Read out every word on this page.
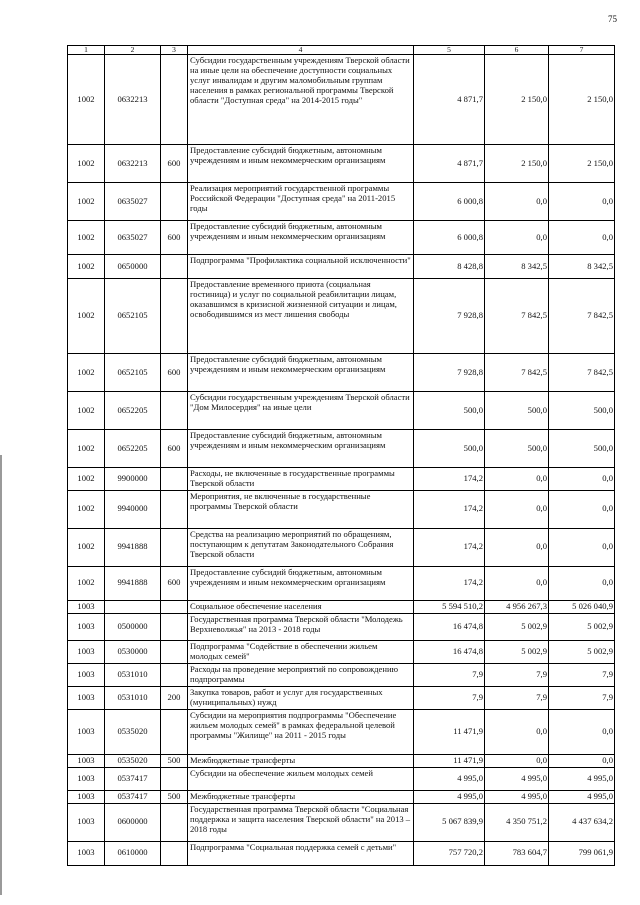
75
1	2	3	4	5	6	7
1002	0632213		Субсидии государственным учреждениям Тверской области на иные цели на обеспечение доступности социальных услуг инвалидам и другим маломобильным группам населения в рамках региональной программы Тверской области "Доступная среда" на 2014-2015 годы"	4 871,7	2 150,0	2 150,0
1002	0632213	600	Предоставление субсидий бюджетным, автономным учреждениям и иным некоммерческим организациям	4 871,7	2 150,0	2 150,0
1002	0635027		Реализация мероприятий государственной программы Российской Федерации "Доступная среда" на 2011-2015 годы	6 000,8	0,0	0,0
1002	0635027	600	Предоставление субсидий бюджетным, автономным учреждениям и иным некоммерческим организациям	6 000,8	0,0	0,0
1002	0650000		Подпрограмма "Профилактика социальной исключенности"	8 428,8	8 342,5	8 342,5
1002	0652105		Предоставление временного приюта (социальная гостиница) и услуг по социальной реабилитации лицам, оказавшимся в кризисной жизненной ситуации и лицам, освободившимся из мест лишения свободы	7 928,8	7 842,5	7 842,5
1002	0652105	600	Предоставление субсидий бюджетным, автономным учреждениям и иным некоммерческим организациям	7 928,8	7 842,5	7 842,5
1002	0652205		Субсидии государственным учреждениям Тверской области "Дом Милосердия" на иные цели	500,0	500,0	500,0
1002	0652205	600	Предоставление субсидий бюджетным, автономным учреждениям и иным некоммерческим организациям	500,0	500,0	500,0
1002	9900000		Расходы, не включенные в государственные программы Тверской области	174,2	0,0	0,0
1002	9940000		Мероприятия, не включенные в государственные программы Тверской области	174,2	0,0	0,0
1002	9941888		Средства на реализацию мероприятий по обращениям, поступающим к депутатам Законодательного Собрания Тверской области	174,2	0,0	0,0
1002	9941888	600	Предоставление субсидий бюджетным, автономным учреждениям и иным некоммерческим организациям	174,2	0,0	0,0
1003			Социальное обеспечение населения	5 594 510,2	4 956 267,3	5 026 040,9
1003	0500000		Государственная программа Тверской области "Молодежь Верхневолжья" на 2013 - 2018 годы	16 474,8	5 002,9	5 002,9
1003	0530000		Подпрограмма "Содействие в обеспечении жильем молодых семей"	16 474,8	5 002,9	5 002,9
1003	0531010		Расходы на проведение мероприятий по сопровождению подпрограммы	7,9	7,9	7,9
1003	0531010	200	Закупка товаров, работ и услуг для государственных (муниципальных) нужд	7,9	7,9	7,9
1003	0535020		Субсидии на мероприятия подпрограммы "Обеспечение жильем молодых семей" в рамках федеральной целевой программы "Жилище" на 2011 - 2015 годы	11 471,9	0,0	0,0
1003	0535020	500	Межбюджетные трансферты	11 471,9	0,0	0,0
1003	0537417		Субсидии на обеспечение жильем молодых семей	4 995,0	4 995,0	4 995,0
1003	0537417	500	Межбюджетные трансферты	4 995,0	4 995,0	4 995,0
1003	0600000		Государственная программа Тверской области "Социальная поддержка и защита населения Тверской области" на 2013 – 2018 годы	5 067 839,9	4 350 751,2	4 437 634,2
1003	0610000		Подпрограмма "Социальная поддержка семей с детьми"	757 720,2	783 604,7	799 061,9
